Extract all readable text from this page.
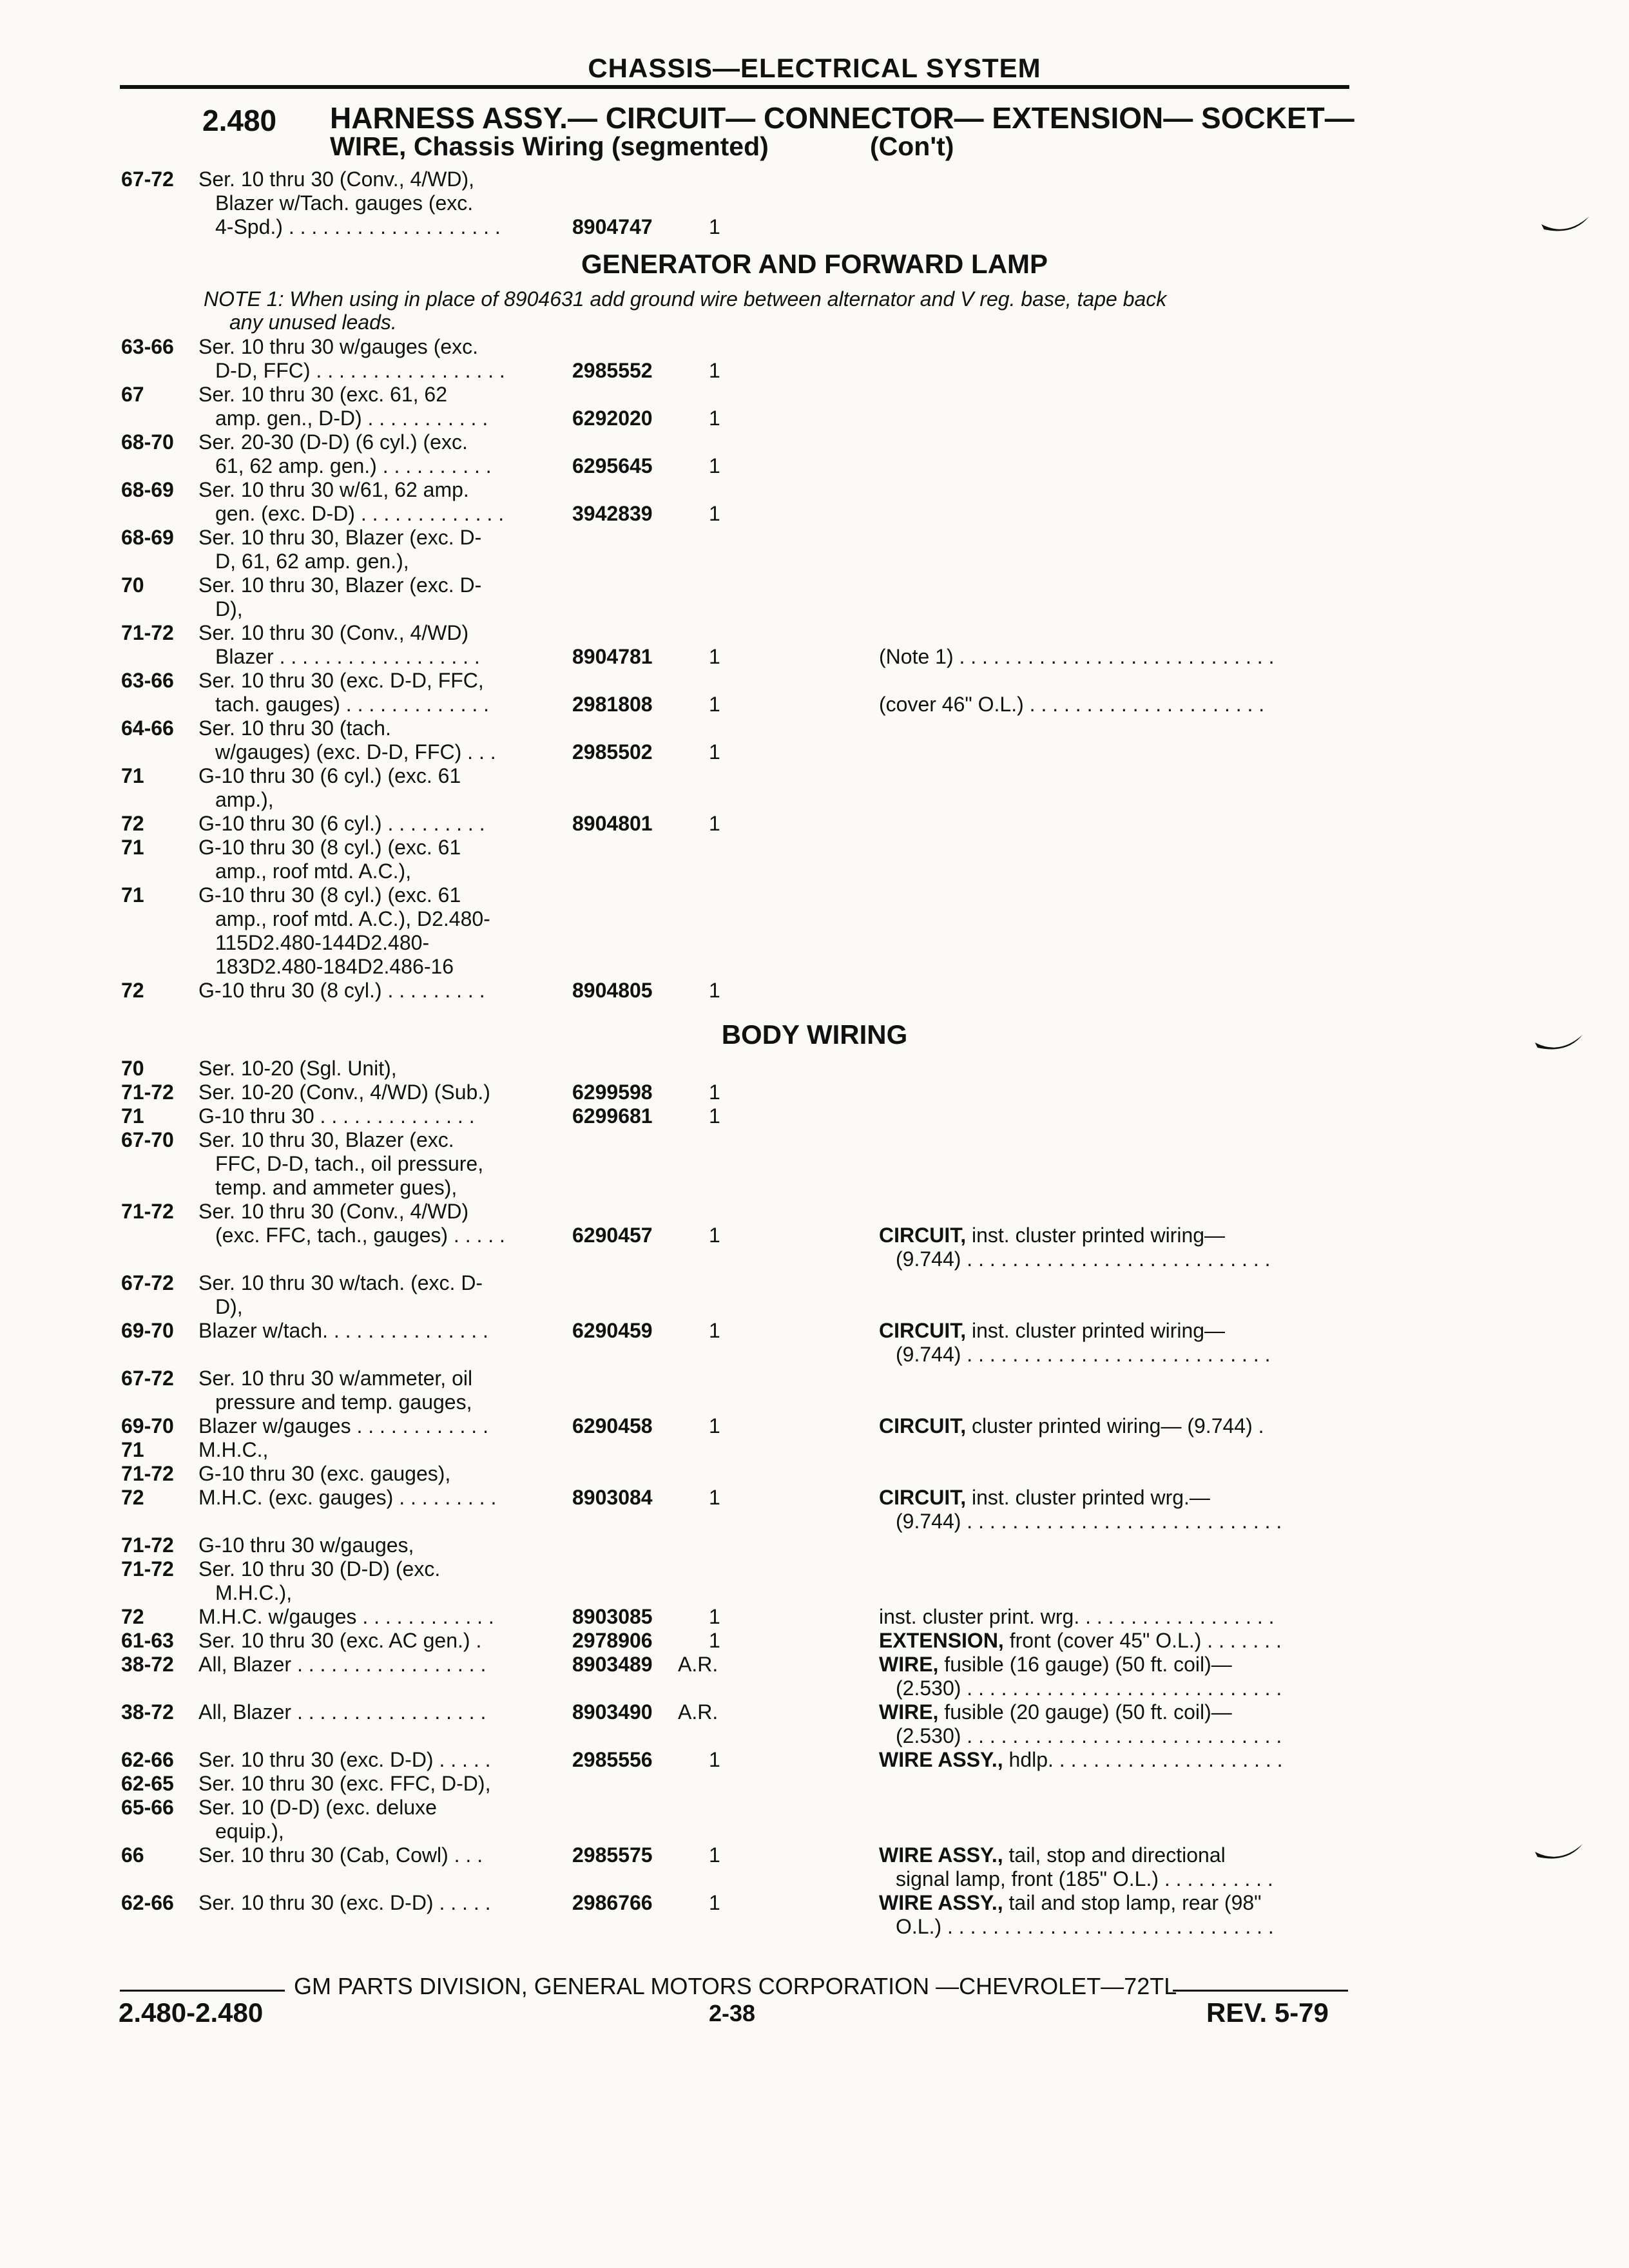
CHASSIS—ELECTRICAL SYSTEM
2.480 HARNESS ASSY.— CIRCUIT— CONNECTOR— EXTENSION— SOCKET—
WIRE, Chassis Wiring (segmented)	(Con't)
67-72	Ser. 10 thru 30 (Conv., 4/WD),
Blazer w/Tach. gauges (exc.
4-Spd.) . . . . . . . . . . . . . . . . . . .	8904747	1
GENERATOR AND FORWARD LAMP
NOTE 1: When using in place of 8904631 add ground wire between alternator and V reg. base, tape back
any unused leads.
63-66	Ser. 10 thru 30 w/gauges (exc.
D-D, FFC) . . . . . . . . . . . . . . . . .	2985552	1
67	Ser. 10 thru 30 (exc. 61, 62
amp. gen., D-D) . . . . . . . . . . .	6292020	1
68-70	Ser. 20-30 (D-D) (6 cyl.) (exc.
61, 62 amp. gen.) . . . . . . . . . .	6295645	1
68-69	Ser. 10 thru 30 w/61, 62 amp.
gen. (exc. D-D) . . . . . . . . . . . . .	3942839	1
68-69	Ser. 10 thru 30, Blazer (exc. D-
D, 61, 62 amp. gen.),
70	Ser. 10 thru 30, Blazer (exc. D-
D),
71-72	Ser. 10 thru 30 (Conv., 4/WD)
Blazer . . . . . . . . . . . . . . . . . .	8904781	1	(Note 1) . . . . . . . . . . . . . . . . . . . . . . . . . . . .
63-66	Ser. 10 thru 30 (exc. D-D, FFC,
tach. gauges) . . . . . . . . . . . . .	2981808	1	(cover 46" O.L.) . . . . . . . . . . . . . . . . . . . . .
64-66	Ser. 10 thru 30 (tach.
w/gauges) (exc. D-D, FFC) . . .	2985502	1
71	G-10 thru 30 (6 cyl.) (exc. 61
amp.),
72	G-10 thru 30 (6 cyl.) . . . . . . . . .	8904801	1
71	G-10 thru 30 (8 cyl.) (exc. 61
amp., roof mtd. A.C.),
71	G-10 thru 30 (8 cyl.) (exc. 61
amp., roof mtd. A.C.), D2.480-
115D2.480-144D2.480-
183D2.480-184D2.486-16
72	G-10 thru 30 (8 cyl.) . . . . . . . . .	8904805	1
BODY WIRING
70	Ser. 10-20 (Sgl. Unit),
71-72	Ser. 10-20 (Conv., 4/WD) (Sub.)	6299598	1
71	G-10 thru 30 . . . . . . . . . . . . . .	6299681	1
67-70	Ser. 10 thru 30, Blazer (exc.
FFC, D-D, tach., oil pressure,
temp. and ammeter gues),
71-72	Ser. 10 thru 30 (Conv., 4/WD)
(exc. FFC, tach., gauges) . . . . .	6290457	1	CIRCUIT, inst. cluster printed wiring—
(9.744) . . . . . . . . . . . . . . . . . . . . . . . . . . .
67-72	Ser. 10 thru 30 w/tach. (exc. D-
D),
69-70	Blazer w/tach. . . . . . . . . . . . . . .	6290459	1	CIRCUIT, inst. cluster printed wiring—
(9.744) . . . . . . . . . . . . . . . . . . . . . . . . . . .
67-72	Ser. 10 thru 30 w/ammeter, oil
pressure and temp. gauges,
69-70	Blazer w/gauges . . . . . . . . . . . .	6290458	1	CIRCUIT, cluster printed wiring— (9.744) .
71	M.H.C.,
71-72	G-10 thru 30 (exc. gauges),
72	M.H.C. (exc. gauges) . . . . . . . . .	8903084	1	CIRCUIT, inst. cluster printed wrg.—
(9.744) . . . . . . . . . . . . . . . . . . . . . . . . . . . .
71-72	G-10 thru 30 w/gauges,
71-72	Ser. 10 thru 30 (D-D) (exc.
M.H.C.),
72	M.H.C. w/gauges . . . . . . . . . . . .	8903085	1	inst. cluster print. wrg. . . . . . . . . . . . . . . . . .
61-63	Ser. 10 thru 30 (exc. AC gen.) .	2978906	1	EXTENSION, front (cover 45" O.L.) . . . . . . .
38-72	All, Blazer . . . . . . . . . . . . . . . . .	8903489 A.R.	WIRE, fusible (16 gauge) (50 ft. coil)—
(2.530) . . . . . . . . . . . . . . . . . . . . . . . . . . . .
38-72	All, Blazer . . . . . . . . . . . . . . . . .	8903490 A.R.	WIRE, fusible (20 gauge) (50 ft. coil)—
(2.530) . . . . . . . . . . . . . . . . . . . . . . . . . . . .
62-66	Ser. 10 thru 30 (exc. D-D) . . . . .	2985556	1	WIRE ASSY., hdlp. . . . . . . . . . . . . . . . . . . . .
62-65	Ser. 10 thru 30 (exc. FFC, D-D),
65-66	Ser. 10 (D-D) (exc. deluxe
equip.),
66	Ser. 10 thru 30 (Cab, Cowl) . . .	2985575	1	WIRE ASSY., tail, stop and directional
signal lamp, front (185" O.L.) . . . . . . . . . .
62-66	Ser. 10 thru 30 (exc. D-D) . . . . .	2986766	1	WIRE ASSY., tail and stop lamp, rear (98"
O.L.) . . . . . . . . . . . . . . . . . . . . . . . . . . . . .
GM PARTS DIVISION, GENERAL MOTORS CORPORATION —CHEVROLET—72TL
2.480-2.480	2-38	REV. 5-79
